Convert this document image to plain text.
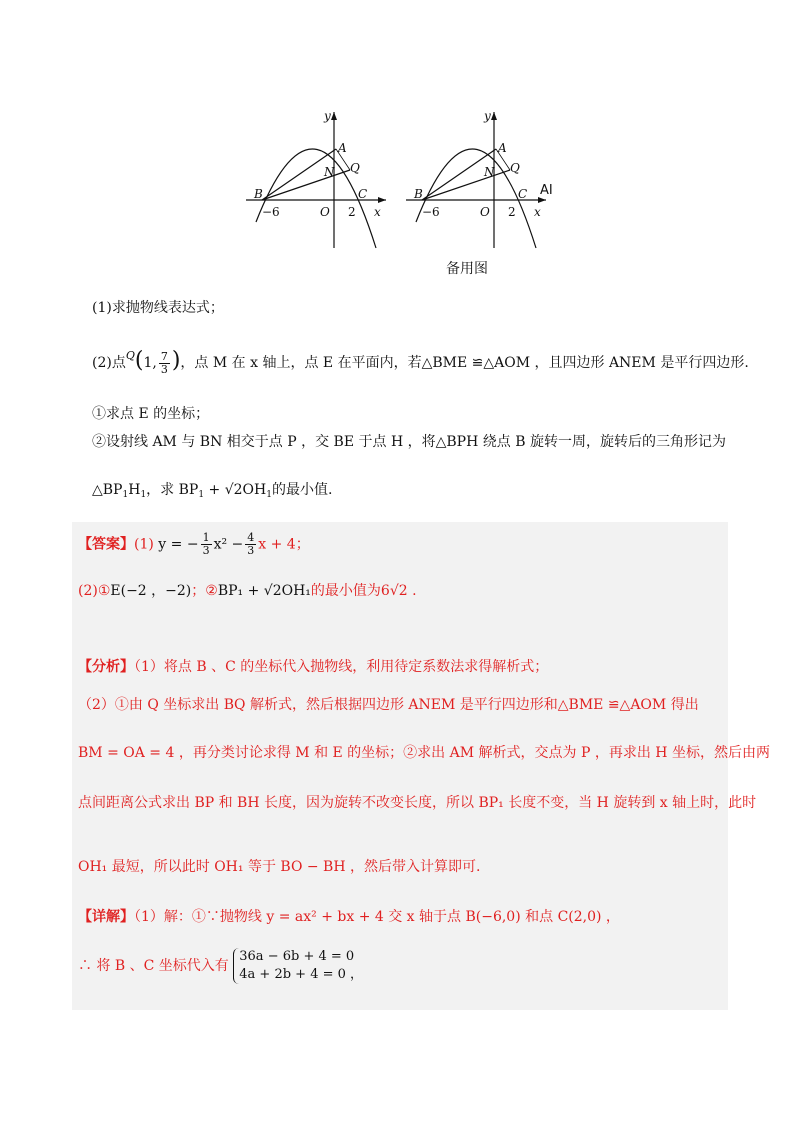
y
A
N Q
B	C
x
O
−6	2
y
A
N Q
B	C
x
O
−6	2
AI
备用图
(1)求抛物线表达式；
(2)点$^Q$(1, $\frac{7}{3}$ )，点 M 在 x 轴上，点 E 在平面内，若△BME ≌△AOM ，且四边形 ANEM 是平行四边形.
①求点 E 的坐标；
②设射线 AM 与 BN 相交于点 P ，交 BE 于点 H ，将△BPH 绕点 B 旋转一周，旋转后的三角形记为
$\triangle BP_1H_1$，求 $BP_1 + √2OH_1$的最小值.
【答案】(1) y = − $\frac{1}{3} x^2 - \frac{4}{3}$ x + 4；
(2)①E(−2 ，−2)；②BP₁ + √2OH₁的最小值为6√2 .
【分析】（1）将点 B 、C 的坐标代入抛物线，利用待定系数法求得解析式；
（2）①由 Q 坐标求出 BQ 解析式，然后根据四边形 ANEM 是平行四边形和△BME ≌△AOM 得出
BM = OA = 4 ，再分类讨论求得 M 和 E 的坐标；②求出 AM 解析式，交点为 P ，再求出 H 坐标，然后由两
点间距离公式求出 BP 和 BH 长度，因为旋转不改变长度，所以 BP₁ 长度不变，当 H 旋转到 x 轴上时，此时
OH₁ 最短，所以此时 OH₁ 等于 BO − BH ，然后带入计算即可.
【详解】（1）解：①∵抛物线 y = ax² + bx + 4 交 x 轴于点 B(−6,0) 和点 C(2,0) ，
∴ 将 B 、C 坐标代入有
36a − 6b + 4 = 0
4a + 2b + 4 = 0 ，
